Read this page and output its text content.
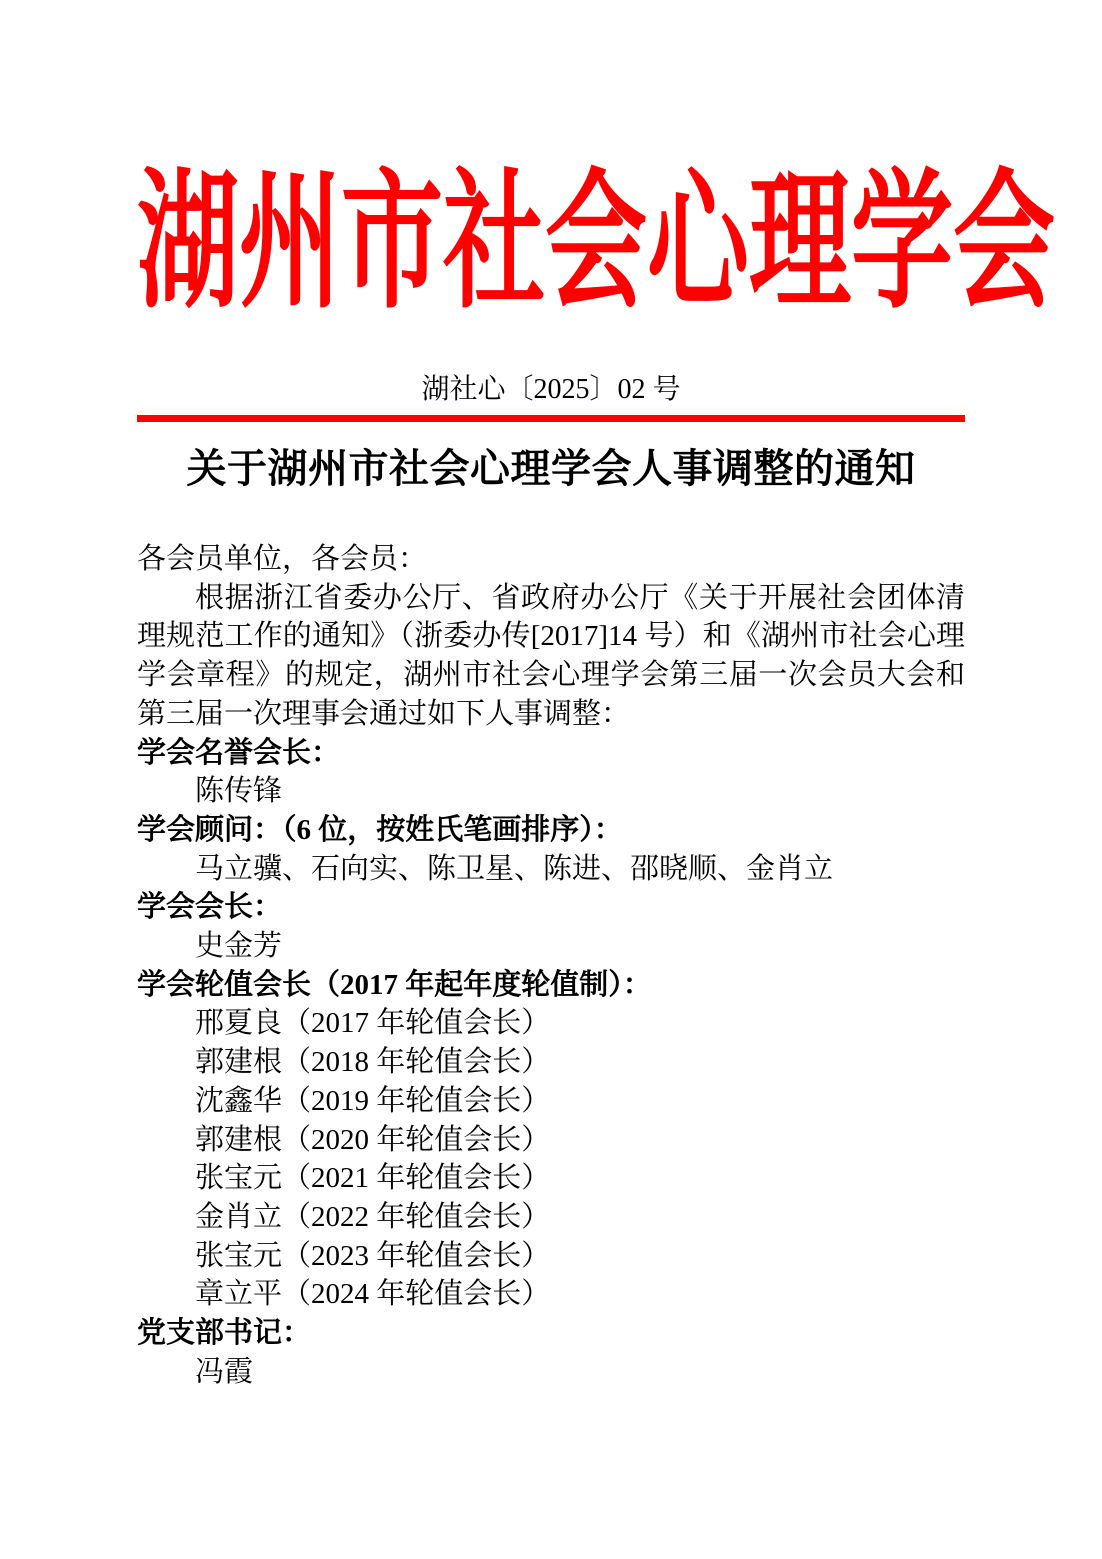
湖州市社会心理学会
湖社心〔2025〕02 号
关于湖州市社会心理学会人事调整的通知

各会员单位，各会员：

根据浙江省委办公厅、省政府办公厅《关于开展社会团体清理规范工作的通知》（浙委办传[2017]14 号）和《湖州市社会心理学会章程》的规定，湖州市社会心理学会第三届一次会员大会和第三届一次理事会通过如下人事调整：

学会名誉会长：

陈传锋

学会顾问：（6 位，按姓氏笔画排序）：

马立骥、石向实、陈卫星、陈进、邵晓顺、金肖立

学会会长：

史金芳

学会轮值会长（2017 年起年度轮值制）：

邢夏良（2017 年轮值会长）

郭建根（2018 年轮值会长）

沈鑫华（2019 年轮值会长）

郭建根（2020 年轮值会长）

张宝元（2021 年轮值会长）

金肖立（2022 年轮值会长）

张宝元（2023 年轮值会长）

章立平（2024 年轮值会长）

党支部书记：

冯霞
